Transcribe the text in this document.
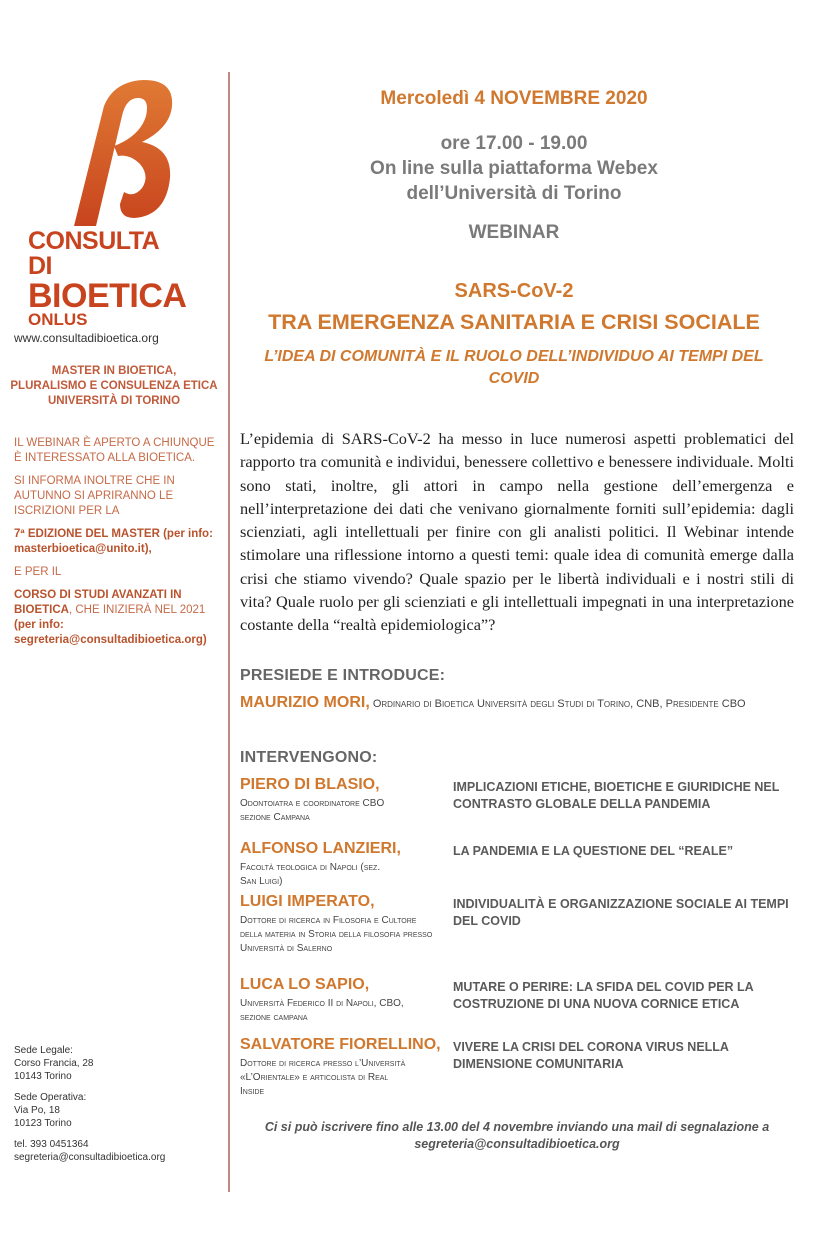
CONSULTA DI
BIOETICA
ONLUS
www.consultadibioetica.org
MASTER IN BIOETICA,
PLURALISMO E CONSULENZA ETICA
UNIVERSITÀ DI TORINO

IL WEBINAR È APERTO A CHIUNQUE È INTERESSATO ALLA BIOETICA.

SI INFORMA INOLTRE CHE IN AUTUNNO SI APRIRANNO LE ISCRIZIONI PER LA

7ª EDIZIONE DEL MASTER (per info: masterbioetica@unito.it),

E PER IL

CORSO DI STUDI AVANZATI IN BIOETICA, CHE INIZIERÀ NEL 2021 (per info: segreteria@consultadibioetica.org)

Sede Legale:
Corso Francia, 28
10143 Torino

Sede Operativa:
Via Po, 18
10123 Torino

tel. 393 0451364
segreteria@consultadibioetica.org

Mercoledì 4 NOVEMBRE 2020
ore 17.00 - 19.00
On line sulla piattaforma Webex
dell’Università di Torino
WEBINAR
SARS-CoV-2
TRA EMERGENZA SANITARIA E CRISI SOCIALE
L’IDEA DI COMUNITÀ E IL RUOLO DELL’INDIVIDUO AI TEMPI DEL COVID
L’epidemia di SARS-CoV-2 ha messo in luce numerosi aspetti problematici del rapporto tra comunità e individui, benessere collettivo e benessere individuale. Molti sono stati, inoltre, gli attori in campo nella gestione dell’emergenza e nell’interpretazione dei dati che venivano giornalmente forniti sull’epidemia: dagli scienziati, agli intellettuali per finire con gli analisti politici. Il Webinar intende stimolare una riflessione intorno a questi temi: quale idea di comunità emerge dalla crisi che stiamo vivendo? Quale spazio per le libertà individuali e i nostri stili di vita? Quale ruolo per gli scienziati e gli intellettuali impegnati in una interpretazione costante della “realtà epidemiologica”?
PRESIEDE E INTRODUCE:
MAURIZIO MORI, Ordinario di Bioetica Università degli Studi di Torino, CNB, Presidente CBO
INTERVENGONO:
PIERO DI BLASIO,
Odontoiatra e coordinatore CBO sezione Campana
IMPLICAZIONI ETICHE, BIOETICHE E GIURIDICHE NEL CONTRASTO GLOBALE DELLA PANDEMIA
ALFONSO LANZIERI,
Facoltà teologica di Napoli (sez. San Luigi)
LA PANDEMIA E LA QUESTIONE DEL “REALE”
LUIGI IMPERATO,
Dottore di ricerca in Filosofia e Cultore della materia in Storia della filosofia presso Università di Salerno
INDIVIDUALITÀ E ORGANIZZAZIONE SOCIALE AI TEMPI DEL COVID
LUCA LO SAPIO,
Università Federico II di Napoli, CBO, sezione campana
MUTARE O PERIRE: LA SFIDA DEL COVID PER LA COSTRUZIONE DI UNA NUOVA CORNICE ETICA
SALVATORE FIORELLINO,
Dottore di ricerca presso l’Università «L’Orientale» e articolista di Real Inside
VIVERE LA CRISI DEL CORONA VIRUS NELLA DIMENSIONE COMUNITARIA
Ci si può iscrivere fino alle 13.00 del 4 novembre inviando una mail di segnalazione a segreteria@consultadibioetica.org
